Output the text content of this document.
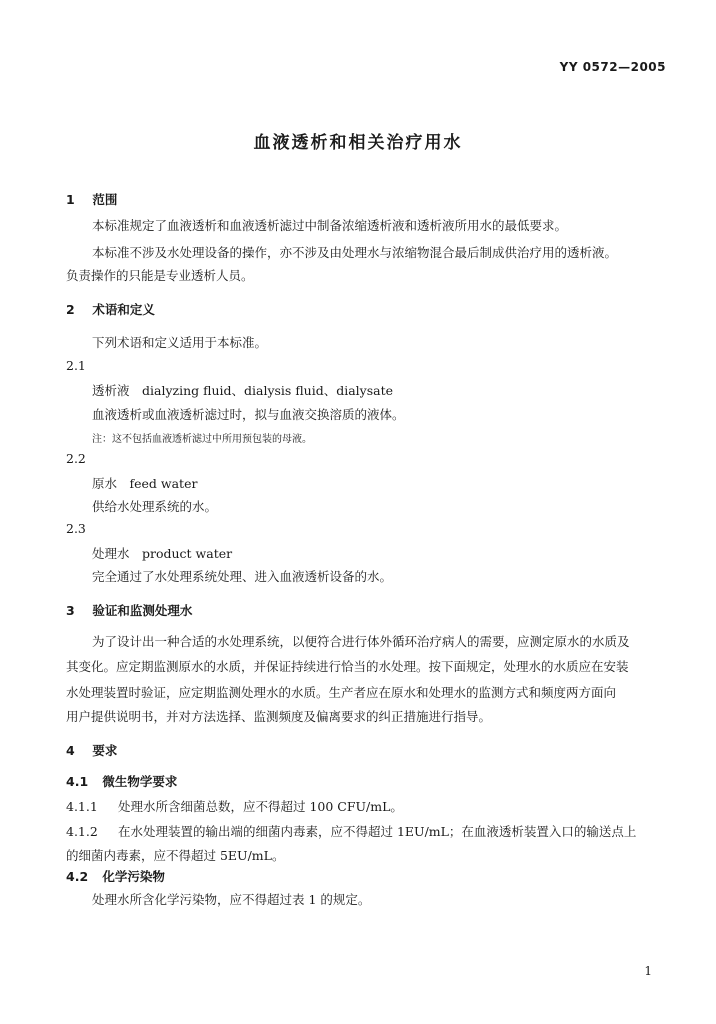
YY 0572—2005
血液透析和相关治疗用水
1 范围
本标准规定了血液透析和血液透析滤过中制备浓缩透析液和透析液所用水的最低要求。
本标准不涉及水处理设备的操作，亦不涉及由处理水与浓缩物混合最后制成供治疗用的透析液。
负责操作的只能是专业透析人员。
2 术语和定义
下列术语和定义适用于本标准。
2.1
透析液　dialyzing fluid、dialysis fluid、dialysate
血液透析或血液透析滤过时，拟与血液交换溶质的液体。
注：这不包括血液透析滤过中所用预包装的母液。
2.2
原水　feed water
供给水处理系统的水。
2.3
处理水　product water
完全通过了水处理系统处理、进入血液透析设备的水。
3 验证和监测处理水
为了设计出一种合适的水处理系统，以便符合进行体外循环治疗病人的需要，应测定原水的水质及
其变化。应定期监测原水的水质，并保证持续进行恰当的水处理。按下面规定，处理水的水质应在安装
水处理装置时验证，应定期监测处理水的水质。生产者应在原水和处理水的监测方式和频度两方面向
用户提供说明书，并对方法选择、监测频度及偏离要求的纠正措施进行指导。
4 要求
4.1 微生物学要求
4.1.1 处理水所含细菌总数，应不得超过 100 CFU/mL。
4.1.2 在水处理装置的输出端的细菌内毒素，应不得超过 1EU/mL；在血液透析装置入口的输送点上
的细菌内毒素，应不得超过 5EU/mL。
4.2 化学污染物
处理水所含化学污染物，应不得超过表 1 的规定。
1
